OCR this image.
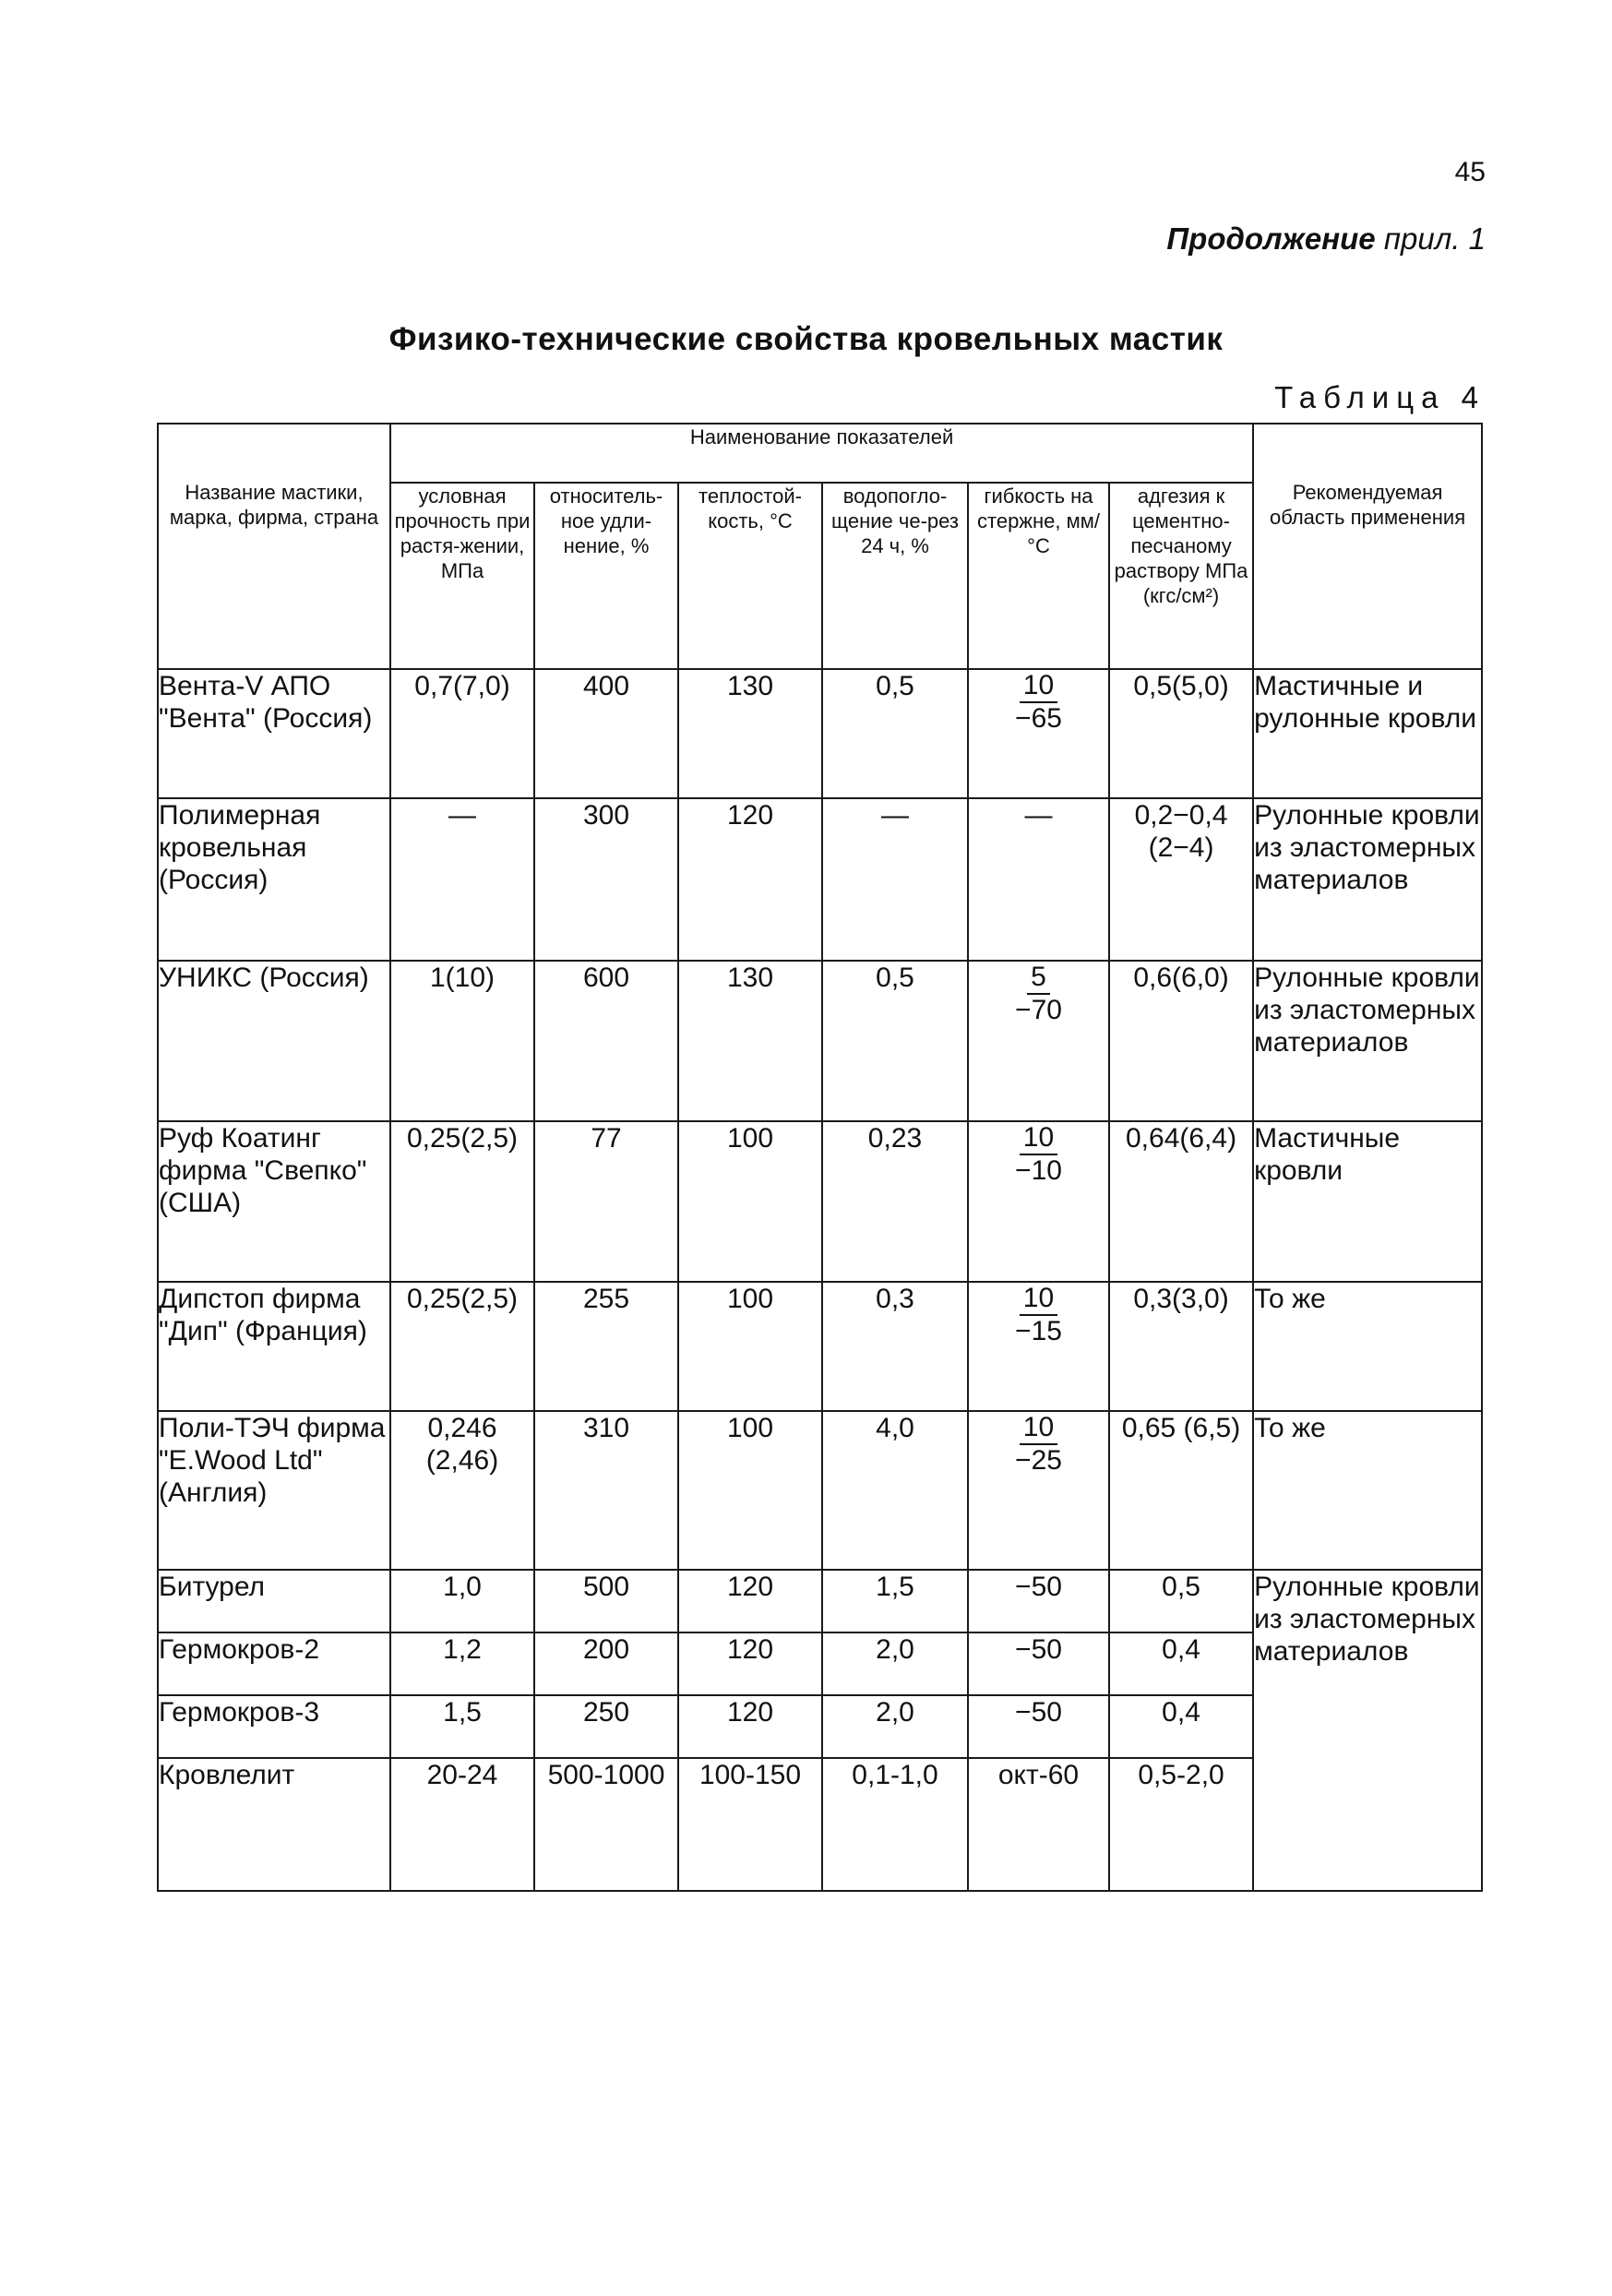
45
Продолжение прил. 1
Физико-технические свойства кровельных мастик
Таблица 4
Название мастики, марка, фирма, страна	Наименование показателей						Рекомендуемая область применения
	условная прочность при растя-жении, МПа	относитель-ное удли-нение, %	теплостой-кость, °С	водопогло-щение че-рез 24 ч, %	гибкость на стержне, мм/°С	адгезия к цементно-песчаному раствору МПа (кгс/см²)	
Вента-V АПО "Вента" (Россия)	0,7(7,0)	400	130	0,5	$\frac{10}{-65}$	0,5(5,0)	Мастичные и рулонные кровли
Полимерная кровельная (Россия)	—	300	120	—	—	0,2−0,4 (2−4)	Рулонные кровли из эластомерных материалов
УНИКС (Россия)	1(10)	600	130	0,5	$\frac{5}{-70}$	0,6(6,0)	Рулонные кровли из эластомерных материалов
Руф Коатинг фирма "Свепко" (США)	0,25(2,5)	77	100	0,23	$\frac{10}{-10}$	0,64(6,4)	Мастичные кровли
Дипстоп фирма "Дип" (Франция)	0,25(2,5)	255	100	0,3	$\frac{10}{-15}$	0,3(3,0)	То же
Поли-ТЭЧ фирма "E.Wood Ltd" (Англия)	0,246 (2,46)	310	100	4,0	$\frac{10}{-25}$	0,65 (6,5)	То же
Битурел	1,0	500	120	1,5	−50	0,5	Рулонные кровли из эластомерных материалов
Гермокров-2	1,2	200	120	2,0	−50	0,4	
Гермокров-3	1,5	250	120	2,0	−50	0,4	
Кровлелит	20-24	500-1000	100-150	0,1-1,0	окт-60	0,5-2,0	
